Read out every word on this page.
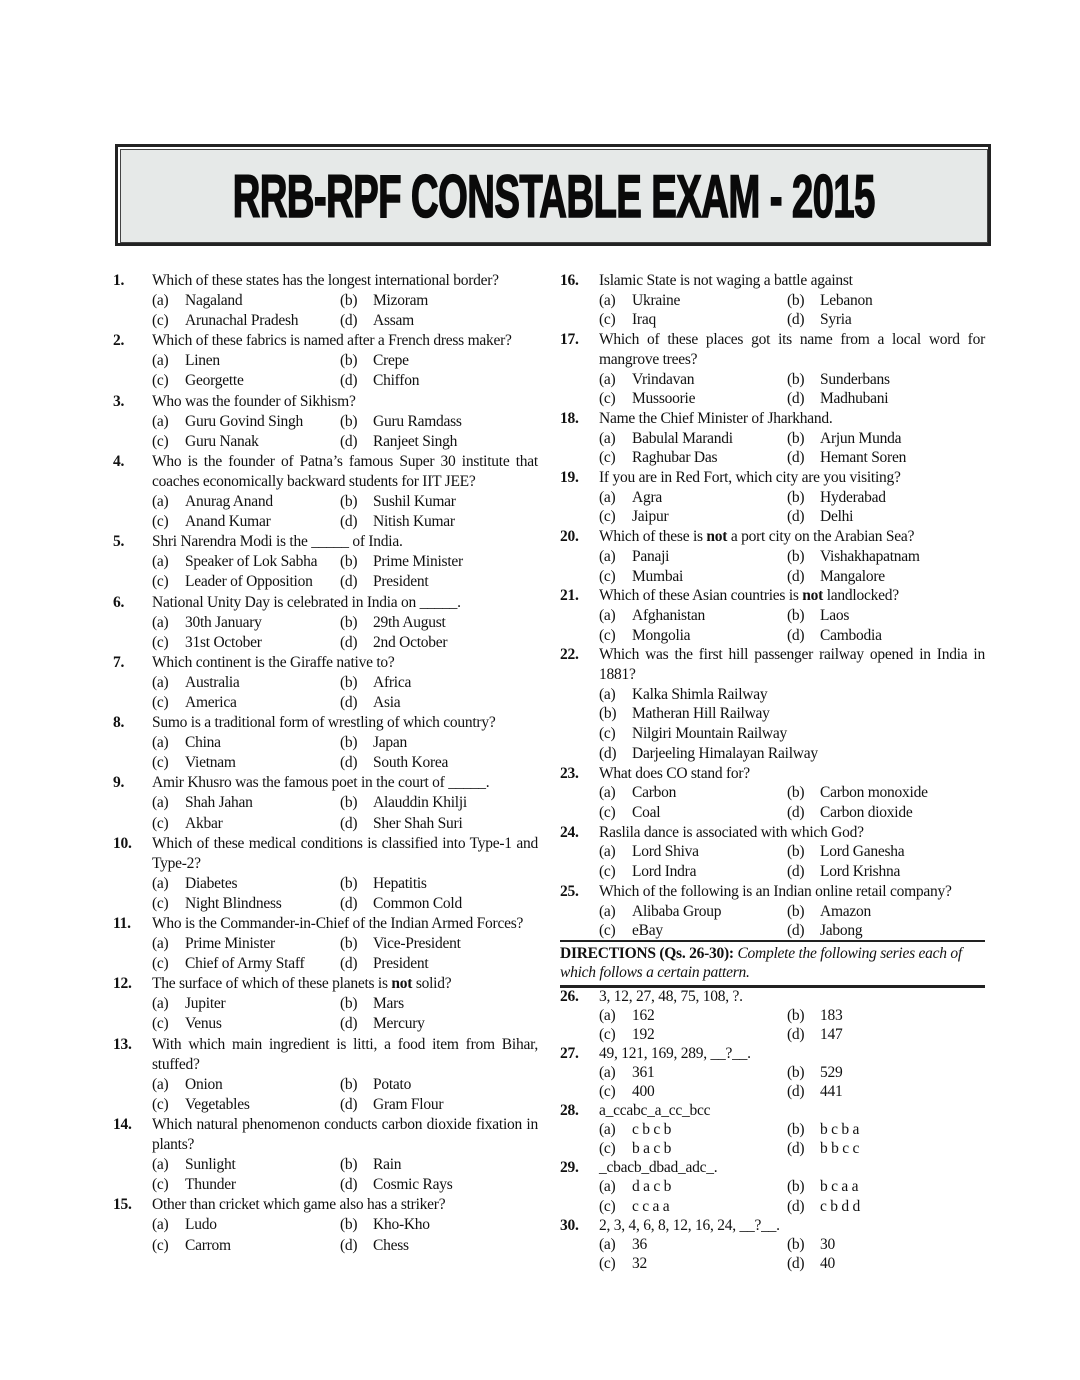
RRB-RPF CONSTABLE EXAM - 2015
1. Which of these states has the longest international border?
(a) Nagaland	(b) Mizoram
(c) Arunachal Pradesh	(d) Assam
2. Which of these fabrics is named after a French dress maker?
(a) Linen	(b) Crepe
(c) Georgette	(d) Chiffon
3. Who was the founder of Sikhism?
(a) Guru Govind Singh	(b) Guru Ramdass
(c) Guru Nanak	(d) Ranjeet Singh
4. Who is the founder of Patna’s famous Super 30 institute that coaches economically backward students for IIT JEE?
(a) Anurag Anand	(b) Sushil Kumar
(c) Anand Kumar	(d) Nitish Kumar
5. Shri Narendra Modi is the _____ of India.
(a) Speaker of Lok Sabha	(b) Prime Minister
(c) Leader of Opposition	(d) President
6. National Unity Day is celebrated in India on _____.
(a) 30th January	(b) 29th August
(c) 31st October	(d) 2nd October
7. Which continent is the Giraffe native to?
(a) Australia	(b) Africa
(c) America	(d) Asia
8. Sumo is a traditional form of wrestling of which country?
(a) China	(b) Japan
(c) Vietnam	(d) South Korea
9. Amir Khusro was the famous poet in the court of _____.
(a) Shah Jahan	(b) Alauddin Khilji
(c) Akbar	(d) Sher Shah Suri
10. Which of these medical conditions is classified into Type-1 and Type-2?
(a) Diabetes	(b) Hepatitis
(c) Night Blindness	(d) Common Cold
11. Who is the Commander-in-Chief of the Indian Armed Forces?
(a) Prime Minister	(b) Vice-President
(c) Chief of Army Staff	(d) President
12. The surface of which of these planets is not solid?
(a) Jupiter	(b) Mars
(c) Venus	(d) Mercury
13. With which main ingredient is litti, a food item from Bihar, stuffed?
(a) Onion	(b) Potato
(c) Vegetables	(d) Gram Flour
14. Which natural phenomenon conducts carbon dioxide fixation in plants?
(a) Sunlight	(b) Rain
(c) Thunder	(d) Cosmic Rays
15. Other than cricket which game also has a striker?
(a) Ludo	(b) Kho-Kho
(c) Carrom	(d) Chess
16. Islamic State is not waging a battle against
(a) Ukraine	(b) Lebanon
(c) Iraq	(d) Syria
17. Which of these places got its name from a local word for mangrove trees?
(a) Vrindavan	(b) Sunderbans
(c) Mussoorie	(d) Madhubani
18. Name the Chief Minister of Jharkhand.
(a) Babulal Marandi	(b) Arjun Munda
(c) Raghubar Das	(d) Hemant Soren
19. If you are in Red Fort, which city are you visiting?
(a) Agra	(b) Hyderabad
(c) Jaipur	(d) Delhi
20. Which of these is not a port city on the Arabian Sea?
(a) Panaji	(b) Vishakhapatnam
(c) Mumbai	(d) Mangalore
21. Which of these Asian countries is not landlocked?
(a) Afghanistan	(b) Laos
(c) Mongolia	(d) Cambodia
22. Which was the first hill passenger railway opened in India in 1881?
(a) Kalka Shimla Railway
(b) Matheran Hill Railway
(c) Nilgiri Mountain Railway
(d) Darjeeling Himalayan Railway
23. What does CO stand for?
(a) Carbon	(b) Carbon monoxide
(c) Coal	(d) Carbon dioxide
24. Raslila dance is associated with which God?
(a) Lord Shiva	(b) Lord Ganesha
(c) Lord Indra	(d) Lord Krishna
25. Which of the following is an Indian online retail company?
(a) Alibaba Group	(b) Amazon
(c) eBay	(d) Jabong
DIRECTIONS (Qs. 26-30): Complete the following series each of which follows a certain pattern.
26. 3, 12, 27, 48, 75, 108, ?.
(a) 162	(b) 183
(c) 192	(d) 147
27. 49, 121, 169, 289, __?__.
(a) 361	(b) 529
(c) 400	(d) 441
28. a_ccabc_a_cc_bcc
(a) c b c b	(b) b c b a
(c) b a c b	(d) b b c c
29. _cbacb_dbad_adc_.
(a) d a c b	(b) b c a a
(c) c c a a	(d) c b d d
30. 2, 3, 4, 6, 8, 12, 16, 24, __?__.
(a) 36	(b) 30
(c) 32	(d) 40
